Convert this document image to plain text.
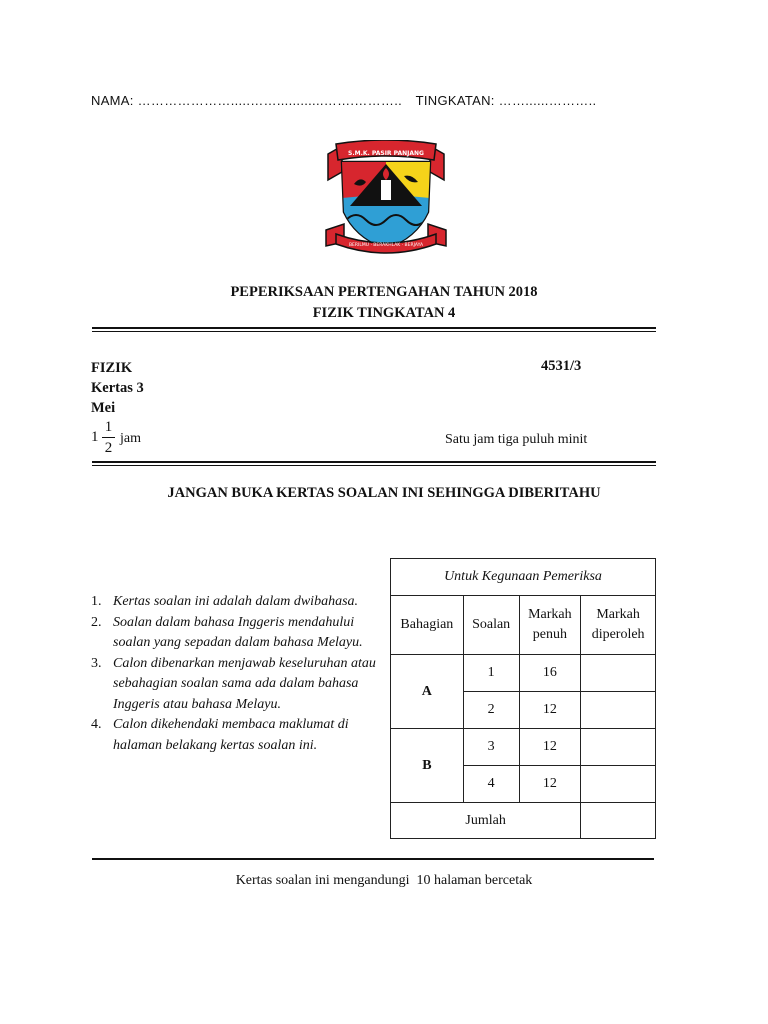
NAMA: ………………….....……............…….……….. TINGKATAN: ……......………..
S.M.K. PASIR PANJANG
BERILMU · BERAKHLAK · BERJAYA
PEPERIKSAAN PERTENGAHAN TAHUN 2018
FIZIK TINGKATAN 4
FIZIK
Kertas 3
Mei
4531/3
1
1
2
jam	Satu jam tiga puluh minit
JANGAN BUKA KERTAS SOALAN INI SEHINGGA DIBERITAHU
1. Kertas soalan ini adalah dalam dwibahasa.
2. Soalan dalam bahasa Inggeris mendahului soalan yang sepadan dalam bahasa Melayu.
3. Calon dibenarkan menjawab keseluruhan atau sebahagian soalan sama ada dalam bahasa Inggeris atau bahasa Melayu.
4. Calon dikehendaki membaca maklumat di halaman belakang kertas soalan ini.
Untuk Kegunaan Pemeriksa			
Bahagian	Soalan	Markah penuh	Markah diperoleh
A	1	16	
	2	12	
B	3	12	
	4	12	
Jumlah			
Kertas soalan ini mengandungi  10 halaman bercetak
